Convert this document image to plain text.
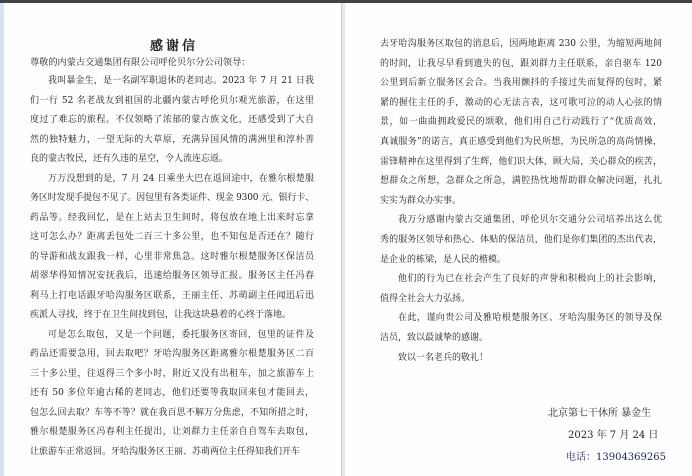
感谢信
尊敬的内蒙古交通集团有限公司呼伦贝尔分公司领导：
我叫暴金生，是一名副军职退休的老同志。2023 年 7 月 21 日我
们一行 52 名老战友到祖国的北疆内蒙古呼伦贝尔观光旅游，在这里
度过了难忘的旅程。不仅领略了浓郁的蒙古族文化，还感受到了大自
然的独特魅力，一望无际的大草原，充满异国风情的满洲里和淳朴善
良的蒙古牧民，还有久违的星空，令人流连忘返。
万万没想到的是，7 月 24 日乘坐大巴在返回途中，在雅尔根楚服
务区时发现手提包不见了。因包里有各类证件、现金 9300 元、银行卡、
药品等。经我回忆，是在上站去卫生间时，将包放在地上出来时忘拿
这可怎么办？距离丢包处二百三十多公里，也不知包是否还在？随行
的导游和战友跟我一样，心里非常焦急。这时雅尔根楚服务区保洁员
胡翠华得知情况安抚我后，迅速给服务区领导汇报。服务区主任冯春
利马上打电话跟牙哈沟服务区联系，王丽主任、苏萌副主任闻迅后迅
疾派人寻找，终于在卫生间找到包，让我这块悬着的心终于落地。
可是怎么取包，又是一个问题，委托服务区寄回，包里的证件及
药品还需要急用，回去取吧？牙哈沟服务区距离雅尔根楚服务区二百
三十多公里，往返得三个多小时，附近又没有出租车，加之旅游车上
还有 50 多位年逾古稀的老同志，他们还要等我取回来包才能回去，
包怎么回去取？车等不等？就在我百思不解万分焦虑，不知所措之时，
雅尔根楚服务区冯春利主任提出，让刘群力主任亲自自驾车去取包，
让旅游车正常返回。牙哈沟服务区王丽、苏萌两位主任得知我们开车
去牙哈沟服务区取包的消息后，因两地距离 230 公里，为缩短两地间
的时间，让我尽早看到遗失的包，跟刘群力主任联系，亲自驱车 120
公里到后新立服务区会合。当我用颤抖的手接过失而复得的包时，紧
紧的握住主任的手，激动的心无法言表，这可歌可泣的动人心弦的情
景，如一曲曲拥政爱民的颂歌，他们用自己行动践行了“优质高效，
真诚服务”的诺言，真正感受到他们为民所想，为民所急的高尚情操，
雷锋精神在这里得到了生辉，他们识大体，顾大局，关心群众的疾苦，
想群众之所想，急群众之所急，满腔热忱地帮助群众解决问题，扎扎
实实为群众办实事。
我万分感谢内蒙古交通集团、呼伦贝尔交通分公司培养出这么优
秀的服务区领导和热心、体贴的保洁员，他们是你们集团的杰出代表，
是企业的栋梁，是人民的楷模。
他们的行为已在社会产生了良好的声誉和积极向上的社会影响，
值得全社会大力弘扬。
在此，谨向贵公司及雅哈根楚服务区、牙哈沟服务区的领导及保
洁员，致以最诚挚的感谢。
致以一名老兵的敬礼！
北京第七干休所 暴金生
2023 年 7 月 24 日
电话：13904369265
